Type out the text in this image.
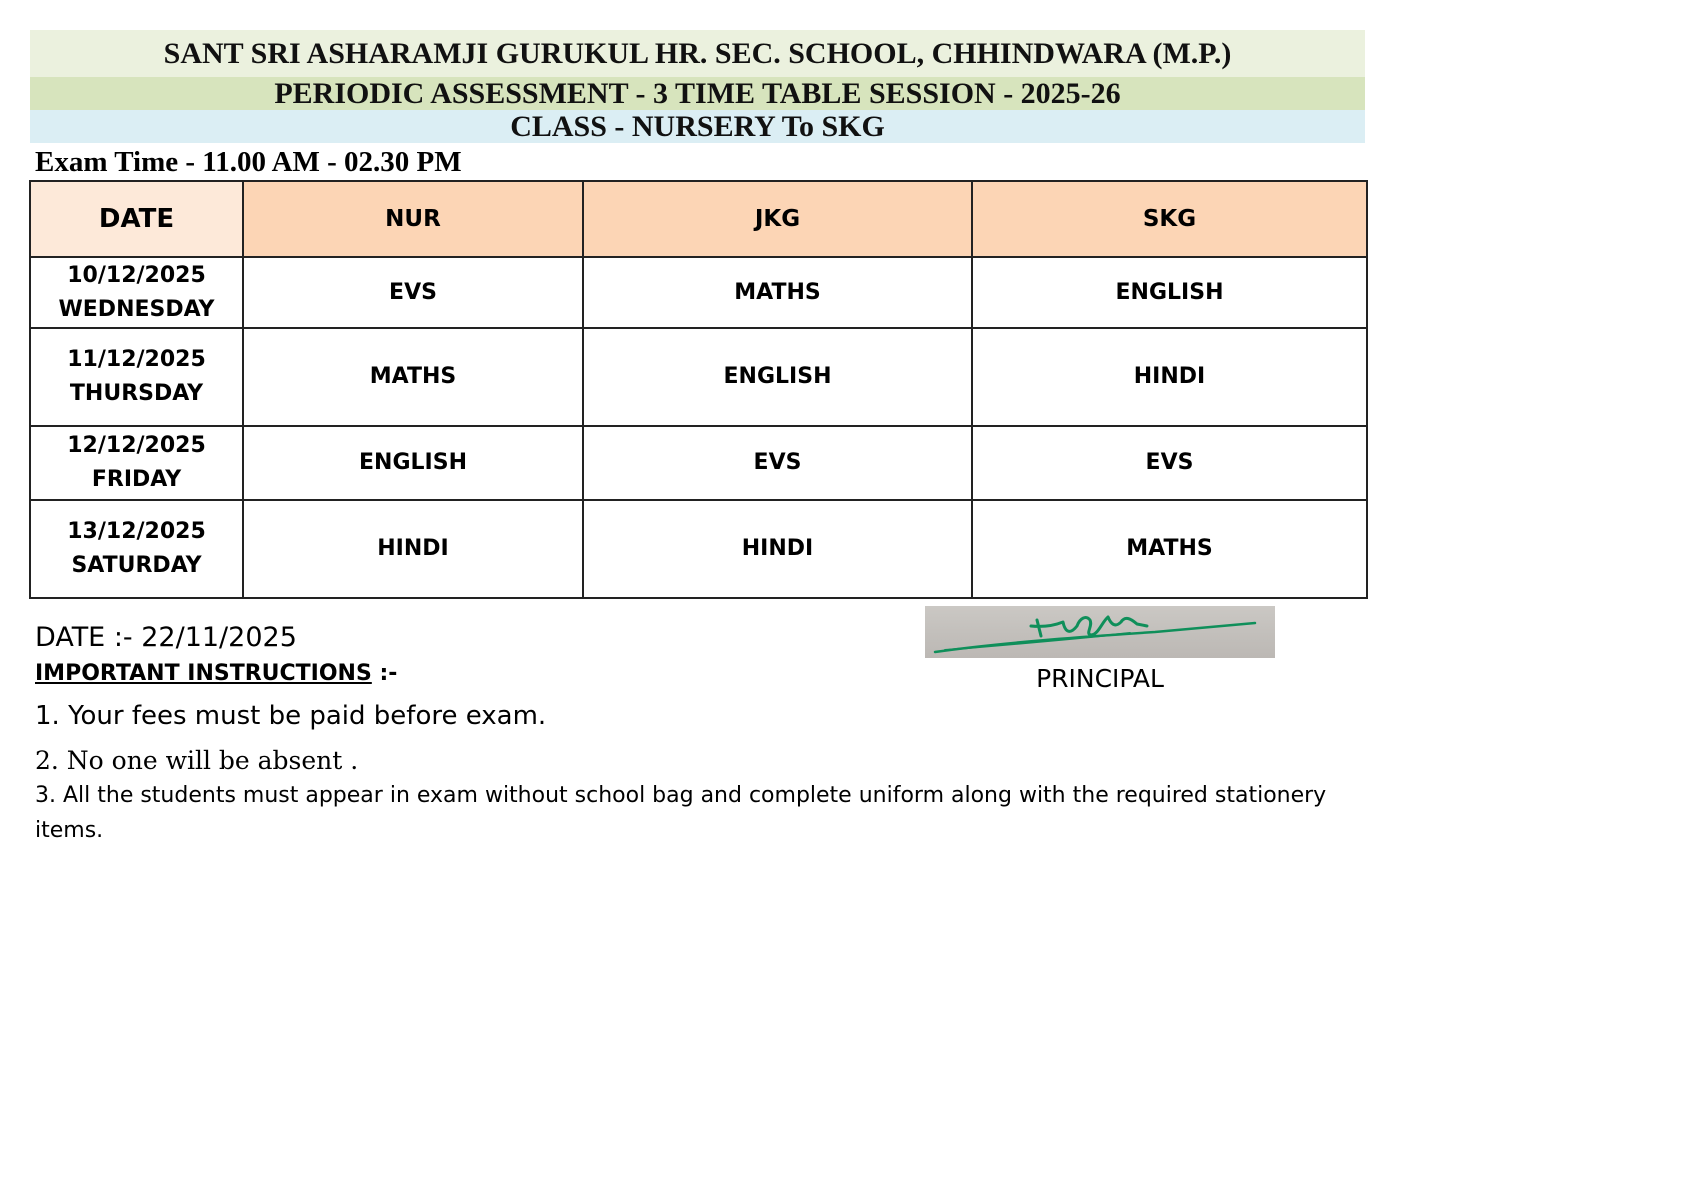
SANT SRI ASHARAMJI GURUKUL HR. SEC. SCHOOL, CHHINDWARA (M.P.)
PERIODIC ASSESSMENT - 3 TIME TABLE SESSION - 2025-26
CLASS - NURSERY To SKG
Exam Time - 11.00 AM - 02.30 PM
DATE	NUR	JKG	SKG

10/12/2025
WEDNESDAY	EVS	MATHS	ENGLISH

11/12/2025
THURSDAY	MATHS	ENGLISH	HINDI

12/12/2025
FRIDAY	ENGLISH	EVS	EVS

13/12/2025
SATURDAY	HINDI	HINDI	MATHS
DATE :- 22/11/2025
IMPORTANT INSTRUCTIONS :-
1. Your fees must be paid before exam.
2. No one will be absent .
3. All the students must appear in exam without school bag and complete uniform along with the required stationery items.
PRINCIPAL
